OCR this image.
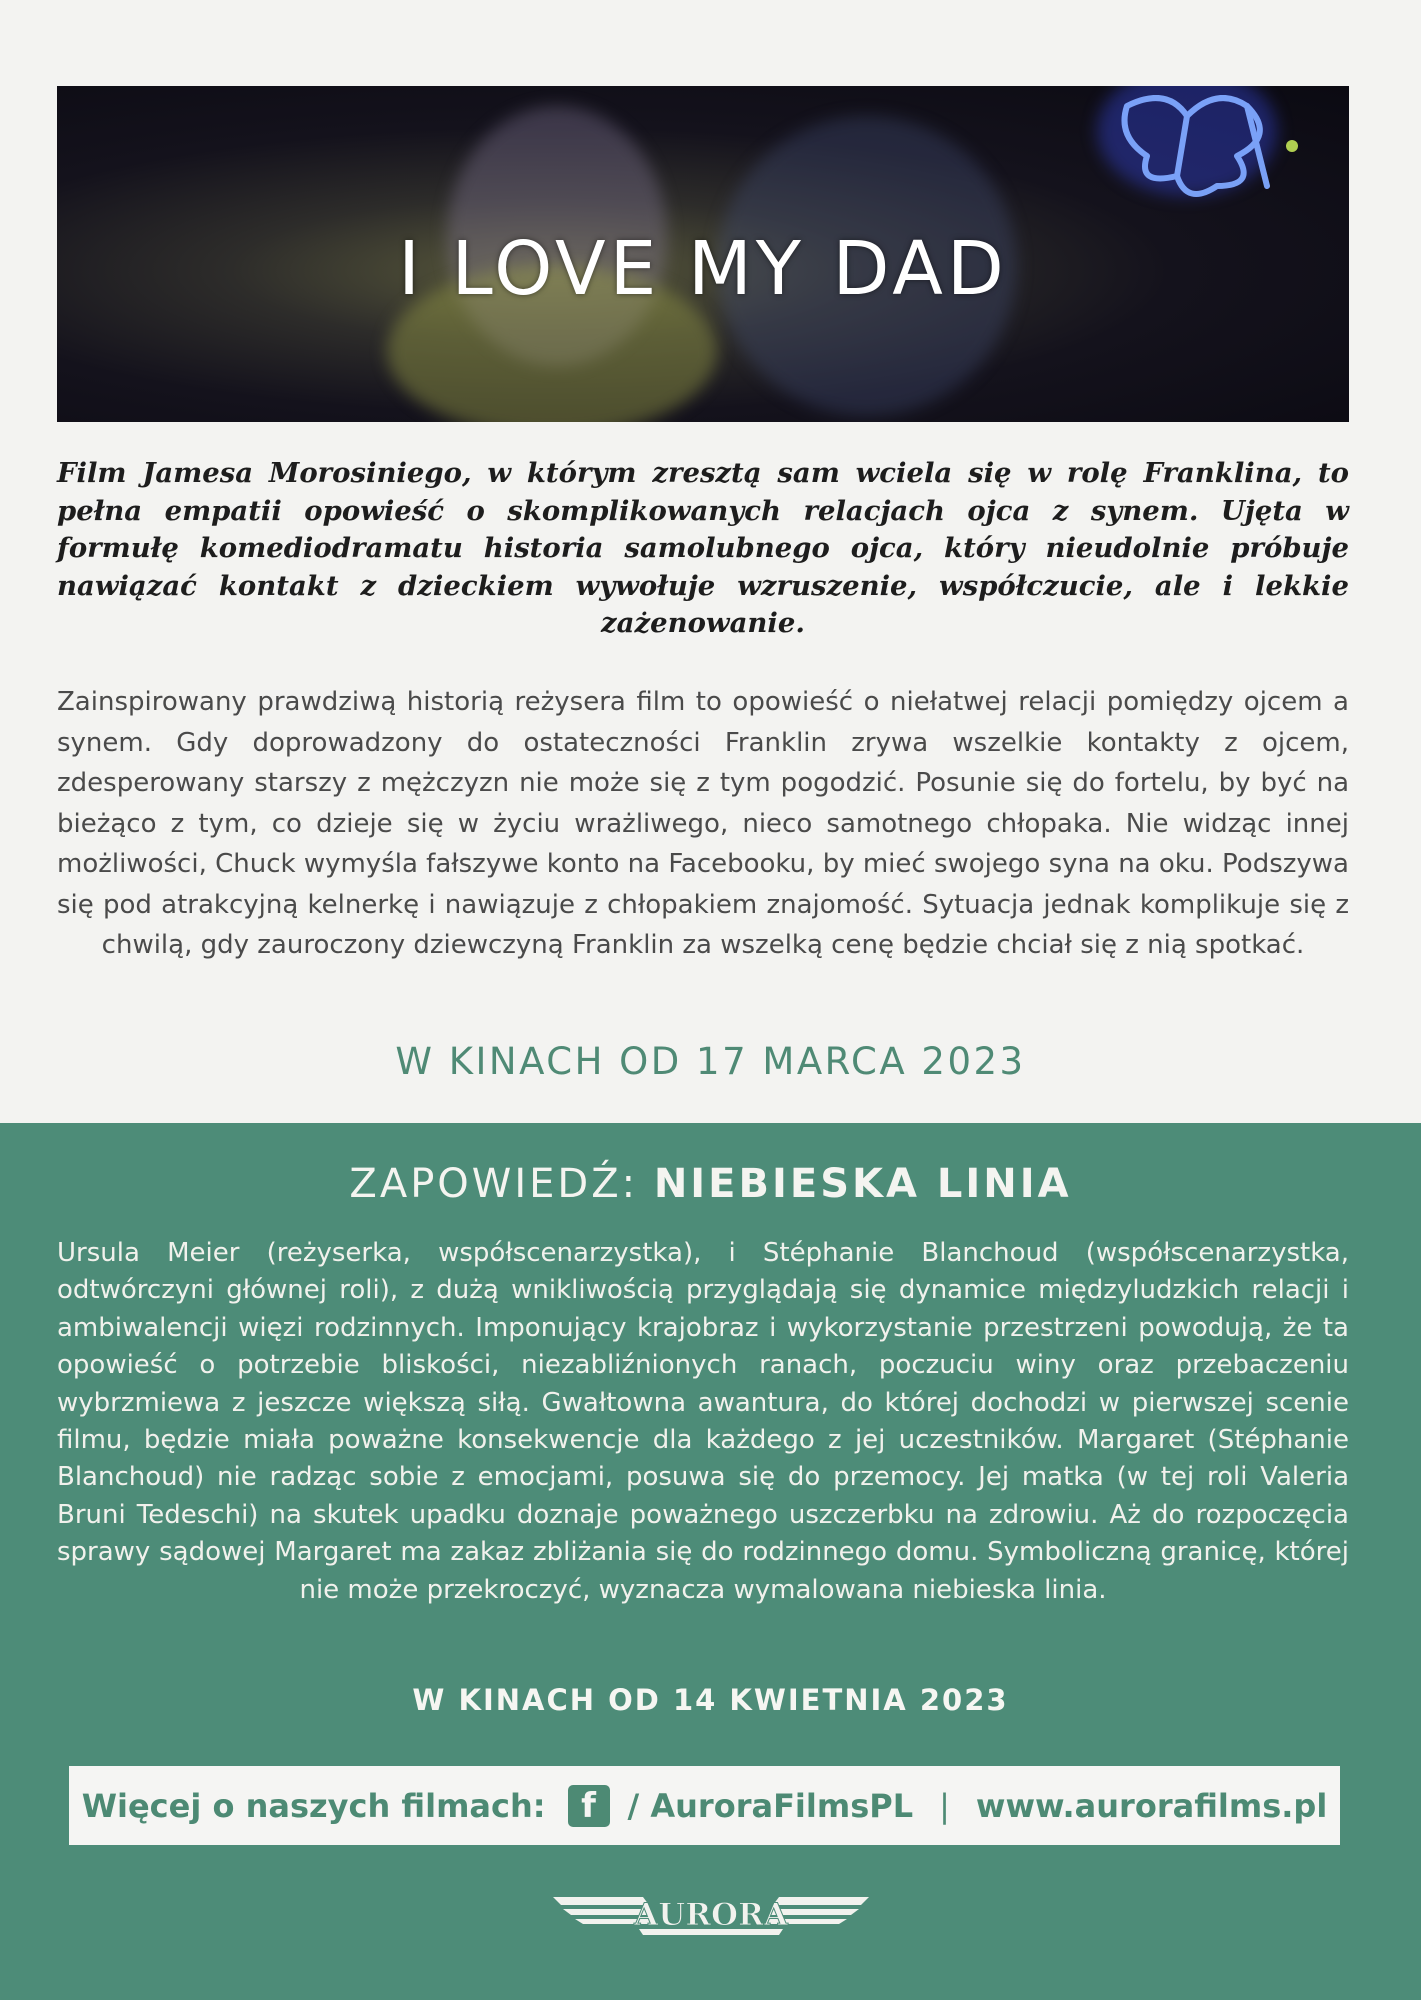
I LOVE MY DAD
Film Jamesa Morosiniego, w którym zresztą sam wciela się w rolę Franklina, to pełna empatii opowieść o skomplikowanych relacjach ojca z synem. Ujęta w formułę komediodramatu historia samolubnego ojca, który nieudolnie próbuje nawiązać kontakt z dzieckiem wywołuje wzruszenie, współczucie, ale i lekkie zażenowanie.
Zainspirowany prawdziwą historią reżysera film to opowieść o niełatwej relacji pomiędzy ojcem a synem. Gdy doprowadzony do ostateczności Franklin zrywa wszelkie kontakty z ojcem, zdesperowany starszy z mężczyzn nie może się z tym pogodzić. Posunie się do fortelu, by być na bieżąco z tym, co dzieje się w życiu wrażliwego, nieco samotnego chłopaka. Nie widząc innej możliwości, Chuck wymyśla fałszywe konto na Facebooku, by mieć swojego syna na oku. Podszywa się pod atrakcyjną kelnerkę i nawiązuje z chłopakiem znajomość. Sytuacja jednak komplikuje się z chwilą, gdy zauroczony dziewczyną Franklin za wszelką cenę będzie chciał się z nią spotkać.
W KINACH OD 17 MARCA 2023
ZAPOWIEDŹ: NIEBIESKA LINIA
Ursula Meier (reżyserka, współscenarzystka), i Stéphanie Blanchoud (współscenarzystka, odtwórczyni głównej roli), z dużą wnikliwością przyglądają się dynamice międzyludzkich relacji i ambiwalencji więzi rodzinnych. Imponujący krajobraz i wykorzystanie przestrzeni powodują, że ta opowieść o potrzebie bliskości, niezabliźnionych ranach, poczuciu winy oraz przebaczeniu wybrzmiewa z jeszcze większą siłą. Gwałtowna awantura, do której dochodzi w pierwszej scenie filmu, będzie miała poważne konsekwencje dla każdego z jej uczestników. Margaret (Stéphanie Blanchoud) nie radząc sobie z emocjami, posuwa się do przemocy. Jej matka (w tej roli Valeria Bruni Tedeschi) na skutek upadku doznaje poważnego uszczerbku na zdrowiu. Aż do rozpoczęcia sprawy sądowej Margaret ma zakaz zbliżania się do rodzinnego domu. Symboliczną granicę, której nie może przekroczyć, wyznacza wymalowana niebieska linia.
W KINACH OD 14 KWIETNIA 2023
Więcej o naszych filmach:	f / AuroraFilmsPL | www.aurorafilms.pl
AURORA
